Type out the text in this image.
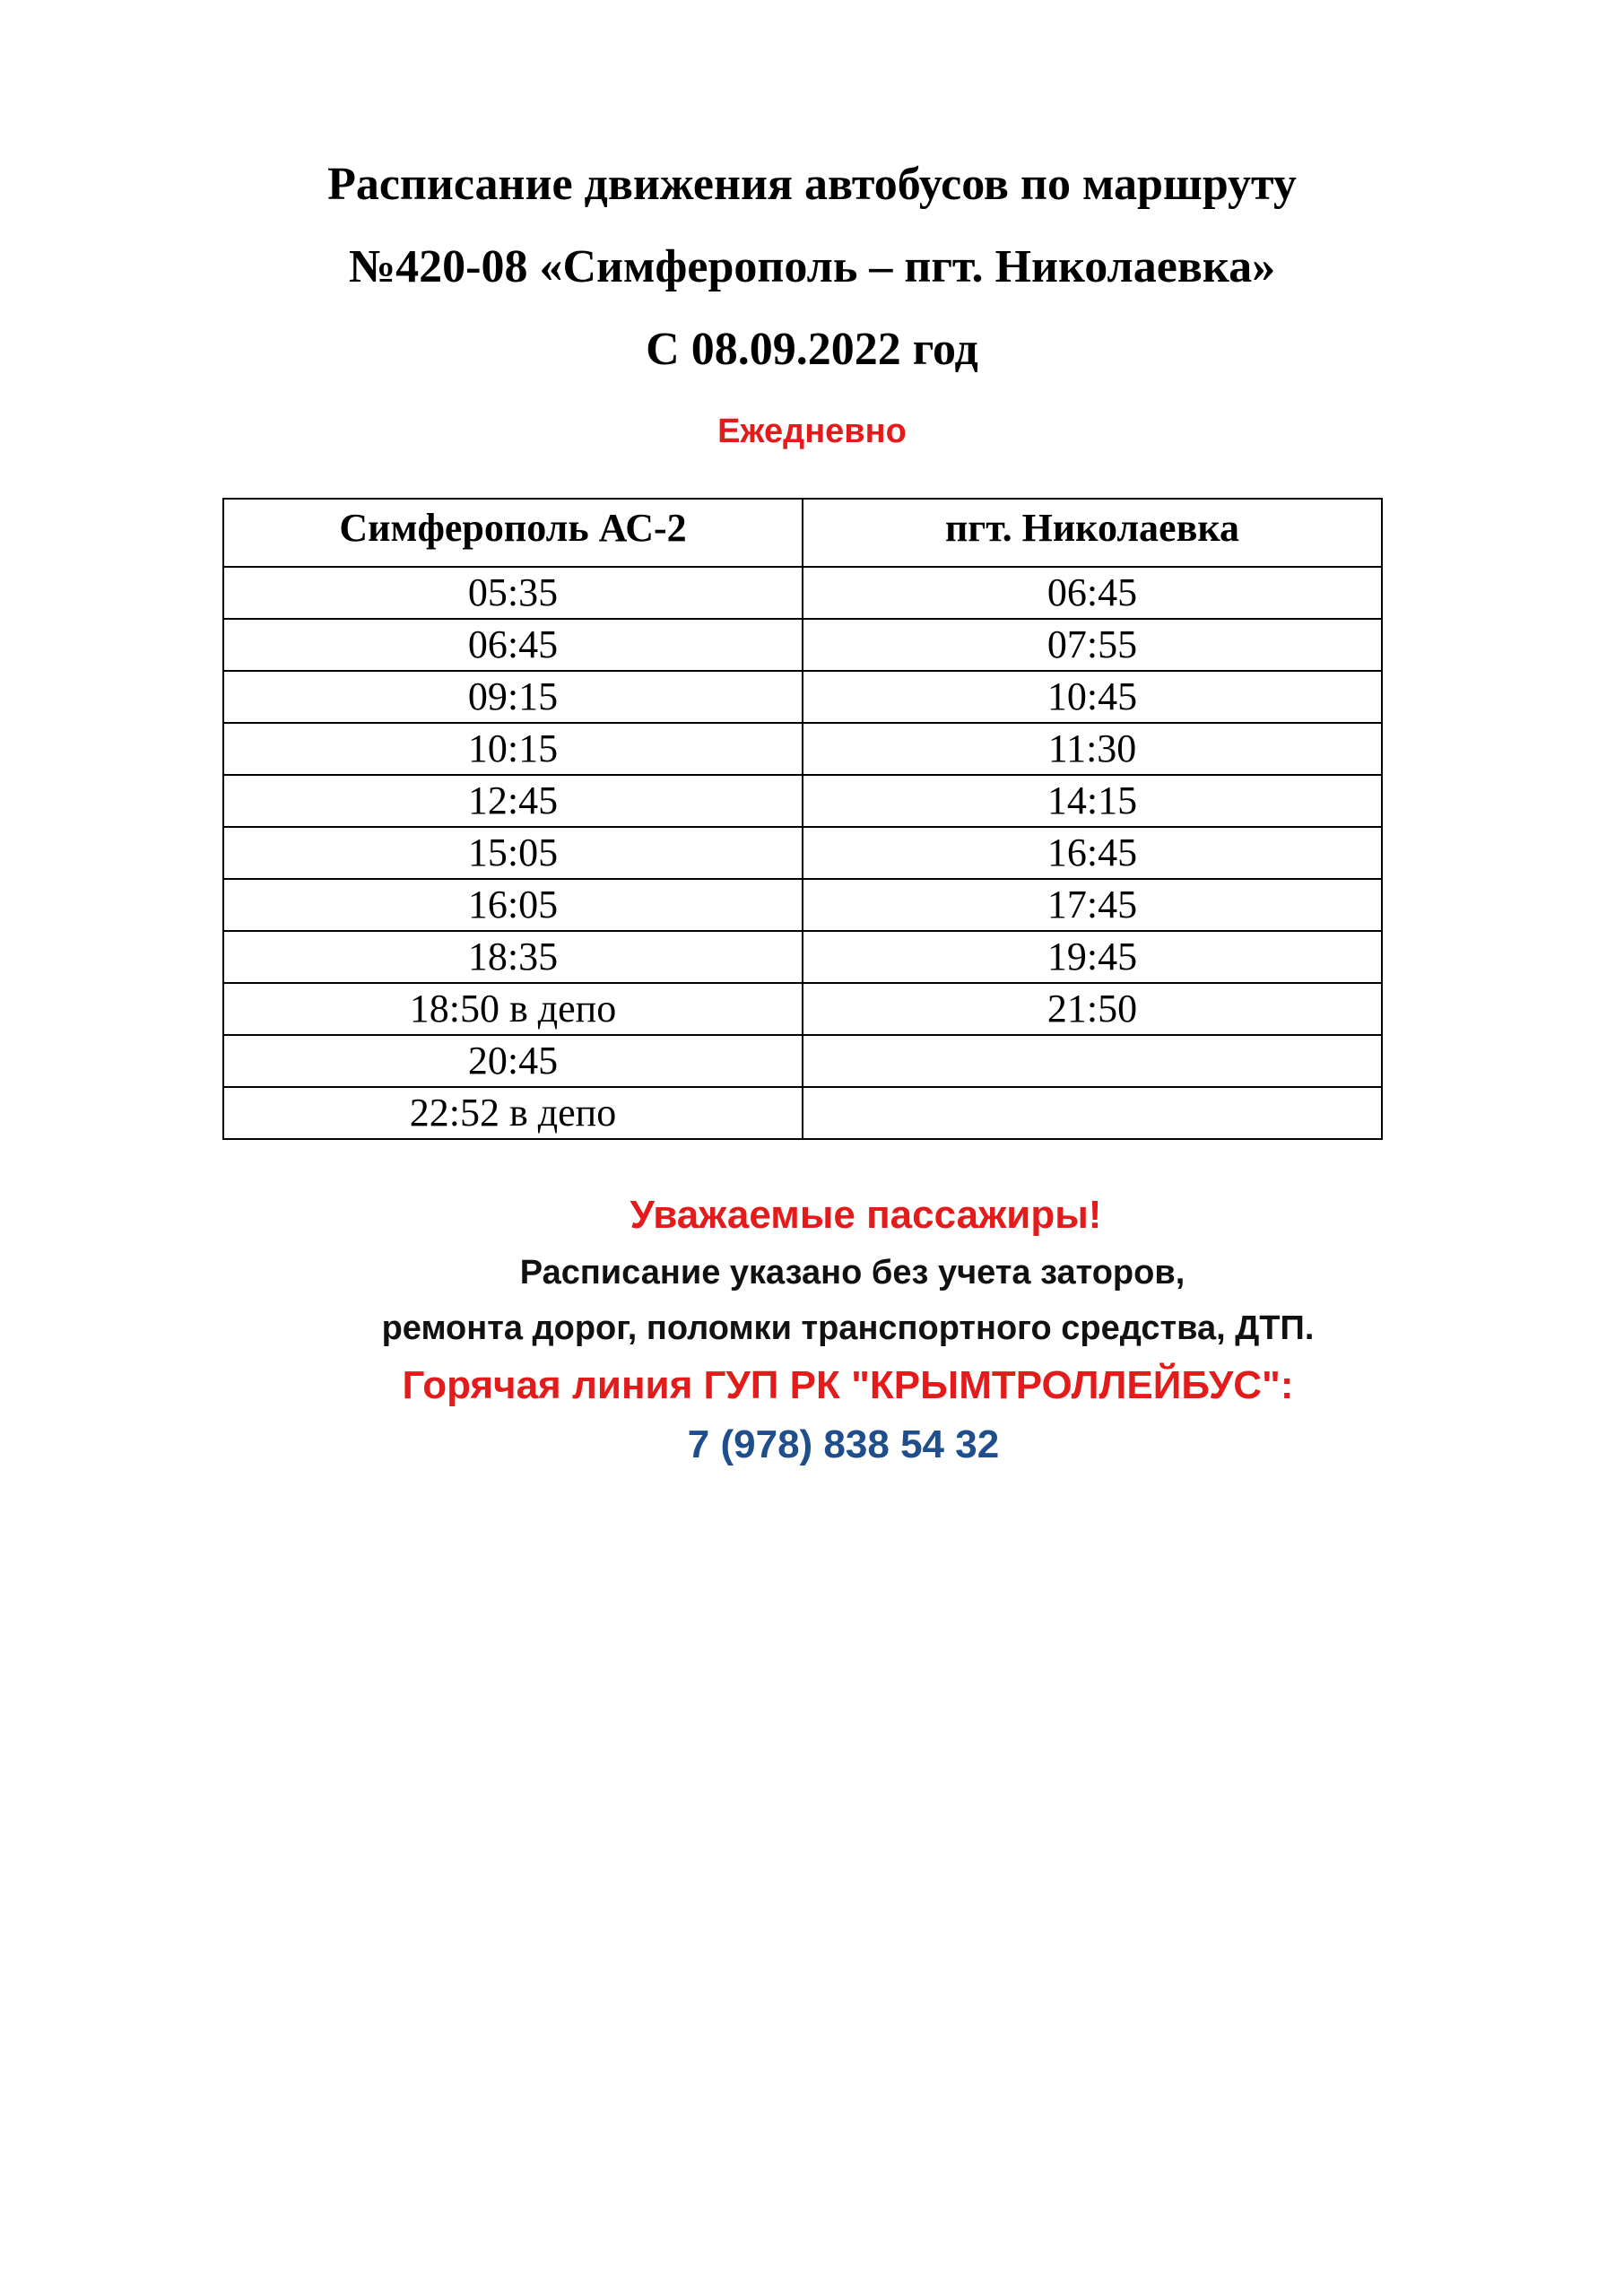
Расписание движения автобусов по маршруту
№420-08 «Симферополь – пгт. Николаевка»
С 08.09.2022 год
Ежедневно
Симферополь АС-2	пгт. Николаевка
05:35	06:45
06:45	07:55
09:15	10:45
10:15	11:30
12:45	14:15
15:05	16:45
16:05	17:45
18:35	19:45
18:50 в депо	21:50
20:45	
22:52 в депо	
Уважаемые пассажиры!
Расписание указано без учета заторов,
ремонта дорог, поломки транспортного средства, ДТП.
Горячая линия ГУП РК "КРЫМТРОЛЛЕЙБУС":
7 (978) 838 54 32
